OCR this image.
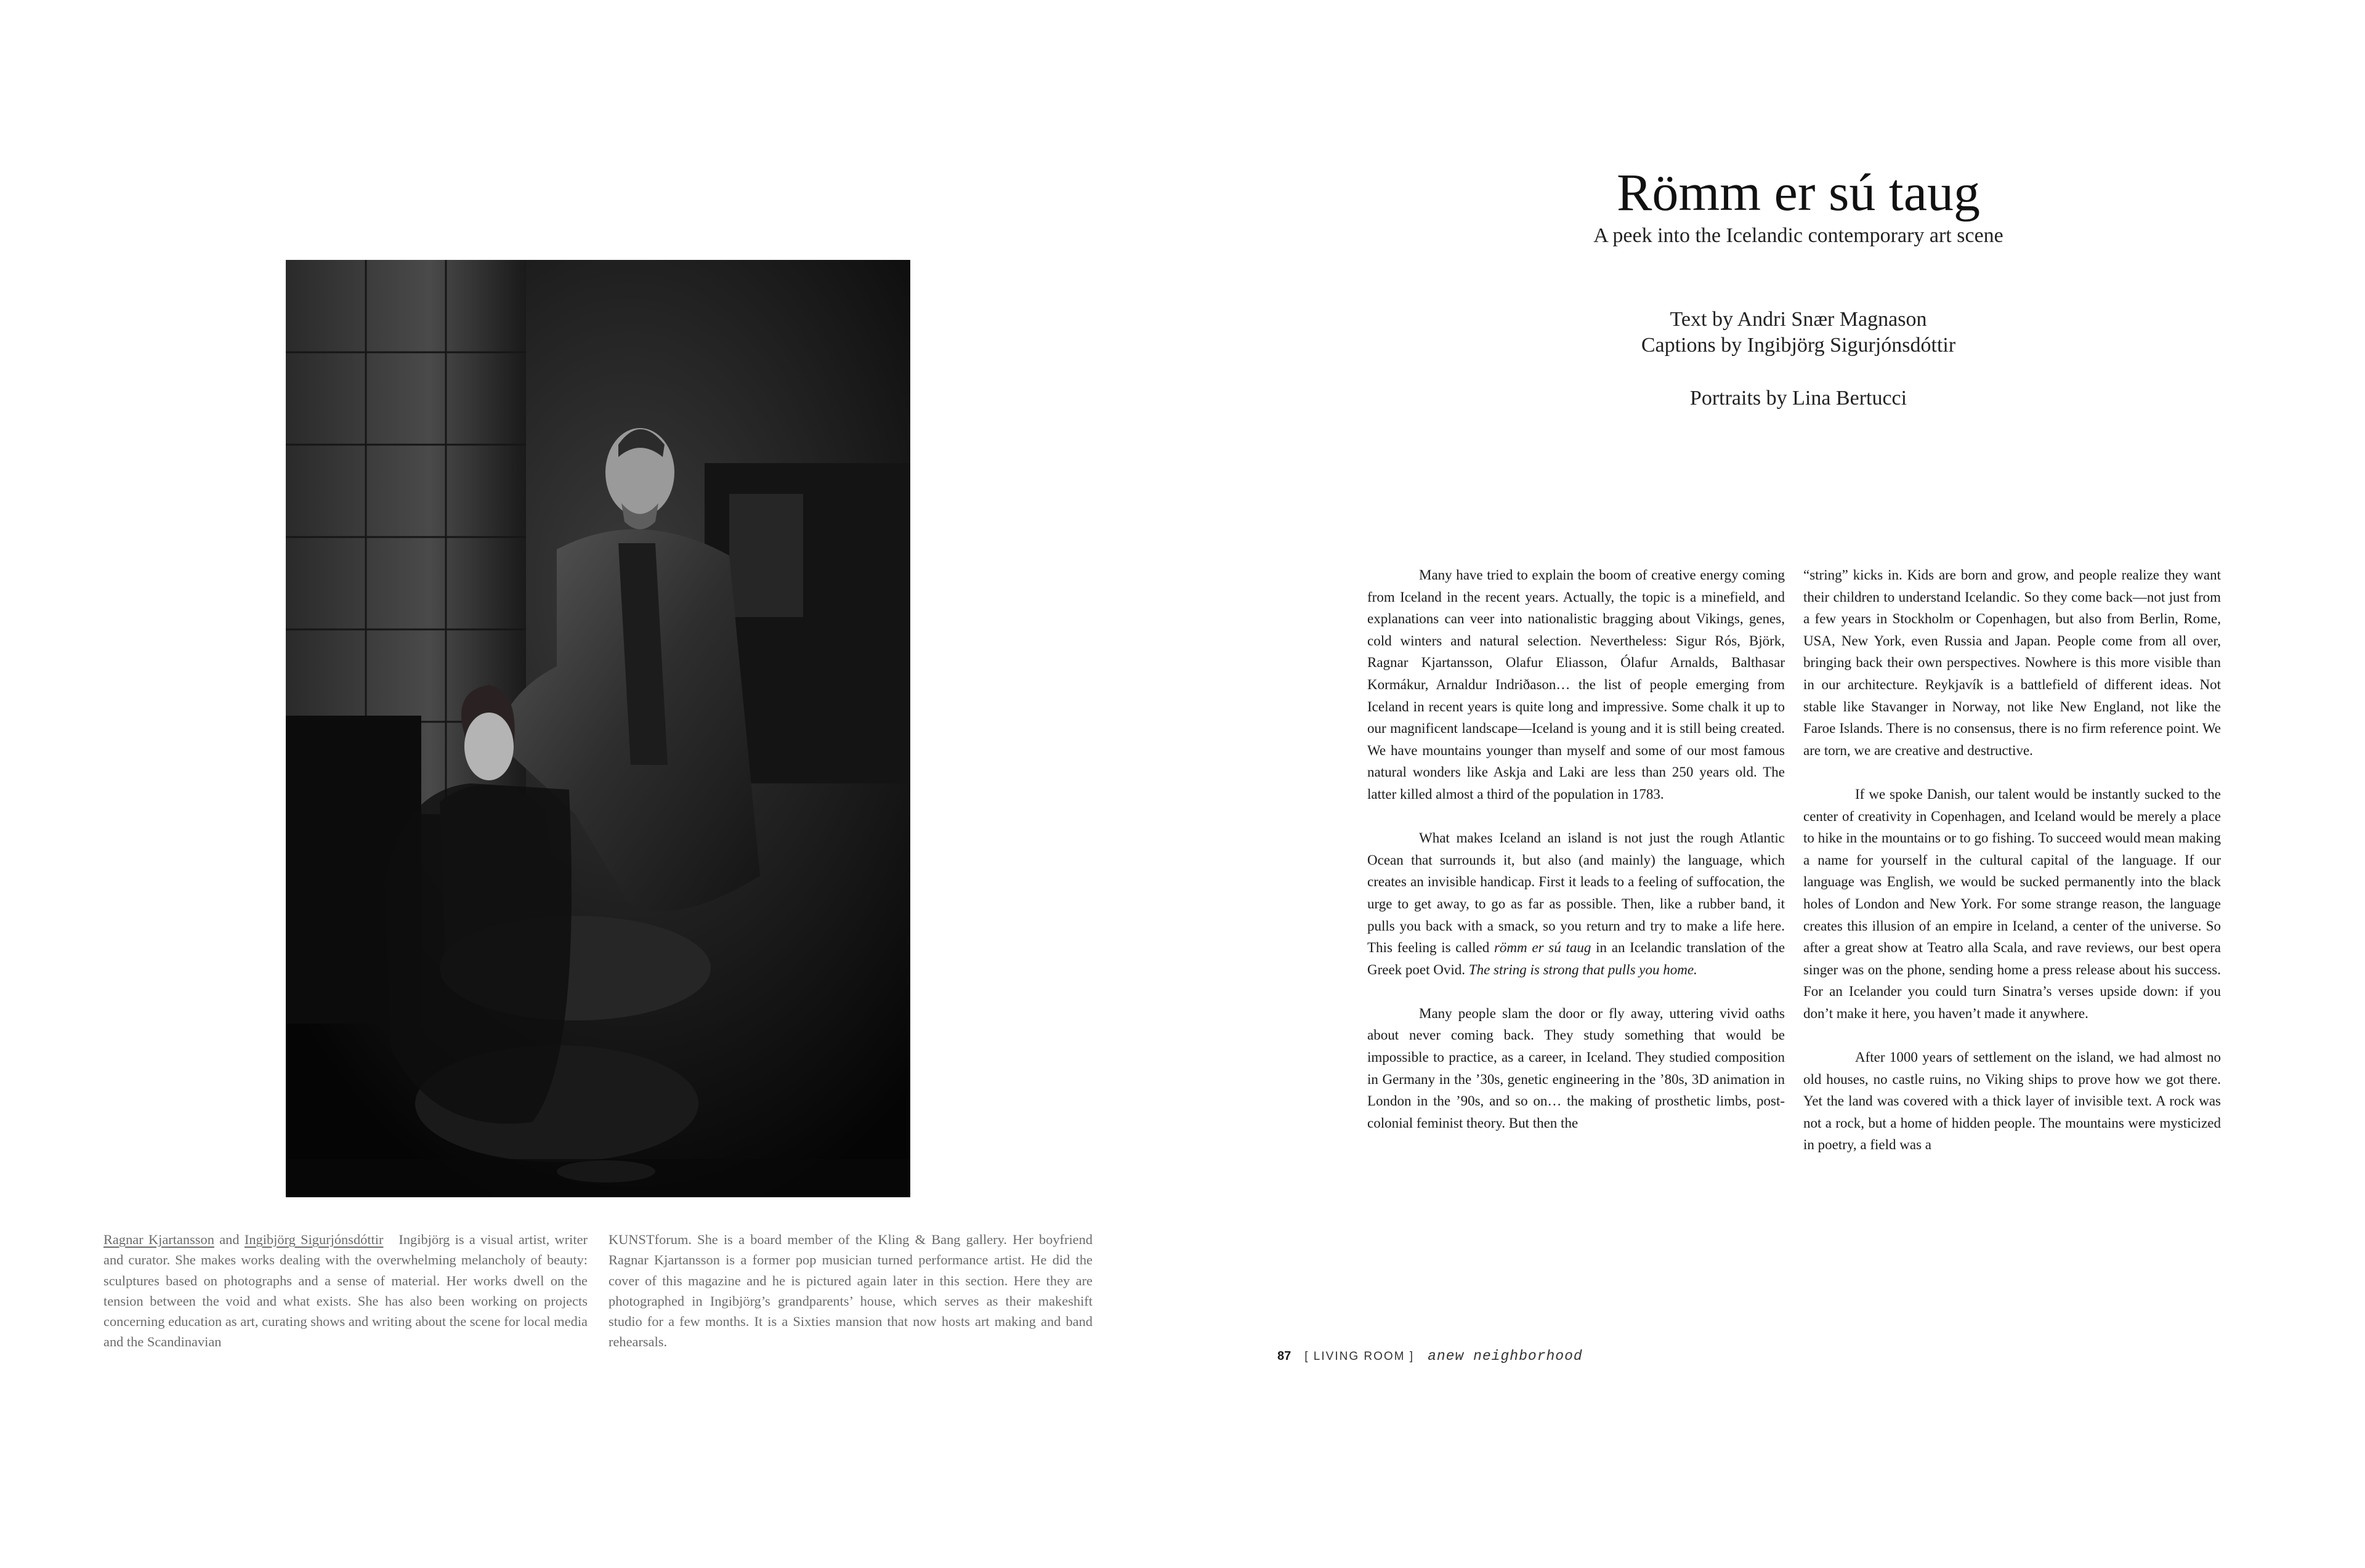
Ragnar Kjartansson and Ingibjörg Sigurjónsdóttir Ingibjörg is a visual artist, writer and curator. She makes works dealing with the overwhelming melancholy of beauty: sculptures based on photographs and a sense of material. Her works dwell on the tension between the void and what exists. She has also been working on projects concerning education as art, curating shows and writing about the scene for local media and the Scandinavian

KUNSTforum. She is a board member of the Kling & Bang gallery. Her boyfriend Ragnar Kjartansson is a former pop musician turned performance artist. He did the cover of this magazine and he is pictured again later in this section. Here they are photographed in Ingibjörg’s grandparents’ house, which serves as their makeshift studio for a few months. It is a Sixties mansion that now hosts art making and band rehearsals.

87 [ LIVING ROOM ] anew neighborhood
Römm er sú taug

A peek into the Icelandic contemporary art scene

Text by Andri Snær Magnason
Captions by Ingibjörg Sigurjónsdóttir
Portraits by Lina Bertucci

Many have tried to explain the boom of creative energy coming from Iceland in the recent years. Actually, the topic is a minefield, and explanations can veer into nationalistic bragging about Vikings, genes, cold winters and natural selection. Nevertheless: Sigur Rós, Björk, Ragnar Kjartansson, Olafur Eliasson, Ólafur Arnalds, Balthasar Kormákur, Arnaldur Indriðason… the list of people emerging from Iceland in recent years is quite long and impressive. Some chalk it up to our magnificent landscape—Iceland is young and it is still being created. We have mountains younger than myself and some of our most famous natural wonders like Askja and Laki are less than 250 years old. The latter killed almost a third of the population in 1783.

What makes Iceland an island is not just the rough Atlantic Ocean that surrounds it, but also (and mainly) the language, which creates an invisible handicap. First it leads to a feeling of suffocation, the urge to get away, to go as far as possible. Then, like a rubber band, it pulls you back with a smack, so you return and try to make a life here. This feeling is called römm er sú taug in an Icelandic translation of the Greek poet Ovid. The string is strong that pulls you home.

Many people slam the door or fly away, uttering vivid oaths about never coming back. They study something that would be impossible to practice, as a career, in Iceland. They studied composition in Germany in the ’30s, genetic engineering in the ’80s, 3D animation in London in the ’90s, and so on… the making of prosthetic limbs, post-colonial feminist theory. But then the

“string” kicks in. Kids are born and grow, and people realize they want their children to understand Icelandic. So they come back—not just from a few years in Stockholm or Copenhagen, but also from Berlin, Rome, USA, New York, even Russia and Japan. People come from all over, bringing back their own perspectives. Nowhere is this more visible than in our architecture. Reykjavík is a battlefield of different ideas. Not stable like Stavanger in Norway, not like New England, not like the Faroe Islands. There is no consensus, there is no firm reference point. We are torn, we are creative and destructive.

If we spoke Danish, our talent would be instantly sucked to the center of creativity in Copenhagen, and Iceland would be merely a place to hike in the mountains or to go fishing. To succeed would mean making a name for yourself in the cultural capital of the language. If our language was English, we would be sucked permanently into the black holes of London and New York. For some strange reason, the language creates this illusion of an empire in Iceland, a center of the universe. So after a great show at Teatro alla Scala, and rave reviews, our best opera singer was on the phone, sending home a press release about his success. For an Icelander you could turn Sinatra’s verses upside down: if you don’t make it here, you haven’t made it anywhere.

After 1000 years of settlement on the island, we had almost no old houses, no castle ruins, no Viking ships to prove how we got there. Yet the land was covered with a thick layer of invisible text. A rock was not a rock, but a home of hidden people. The mountains were mysticized in poetry, a field was a
